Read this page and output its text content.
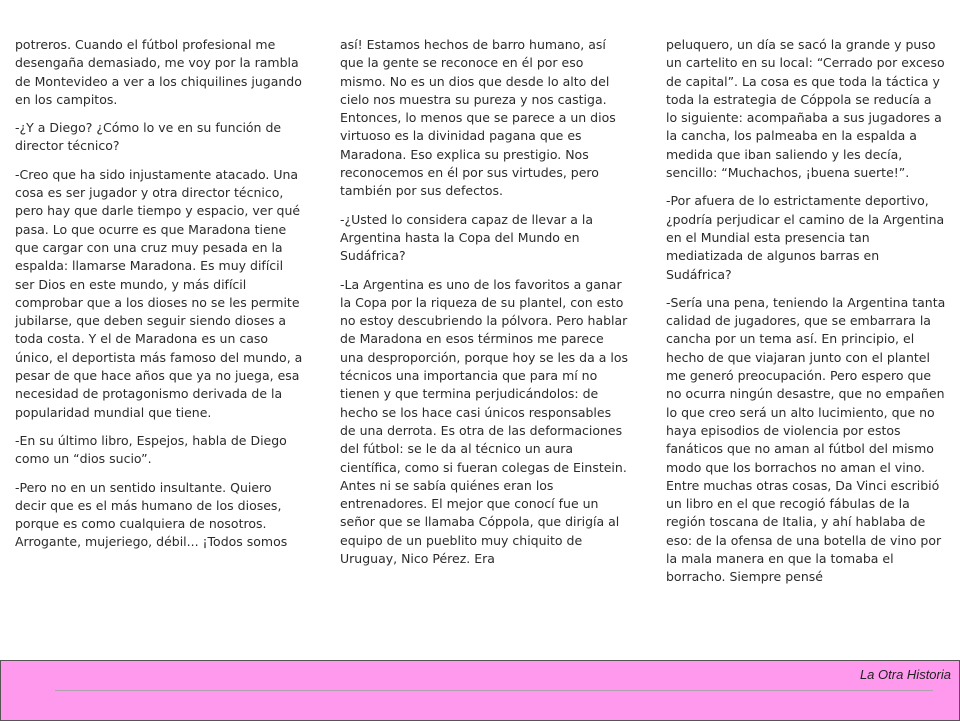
potreros. Cuando el fútbol profesional me desengaña demasiado, me voy por la rambla de Montevideo a ver a los chiquilines jugando en los campitos.

-¿Y a Diego? ¿Cómo lo ve en su función de director técnico?

-Creo que ha sido injustamente atacado. Una cosa es ser jugador y otra director técnico, pero hay que darle tiempo y espacio, ver qué pasa. Lo que ocurre es que Maradona tiene que cargar con una cruz muy pesada en la espalda: llamarse Maradona. Es muy difícil ser Dios en este mundo, y más difícil comprobar que a los dioses no se les permite jubilarse, que deben seguir siendo dioses a toda costa. Y el de Maradona es un caso único, el deportista más famoso del mundo, a pesar de que hace años que ya no juega, esa necesidad de protagonismo derivada de la popularidad mundial que tiene.

-En su último libro, Espejos, habla de Diego como un “dios sucio”.

-Pero no en un sentido insultante. Quiero decir que es el más humano de los dioses, porque es como cualquiera de nosotros. Arrogante, mujeriego, débil... ¡Todos somos

así! Estamos hechos de barro humano, así que la gente se reconoce en él por eso mismo. No es un dios que desde lo alto del cielo nos muestra su pureza y nos castiga. Entonces, lo menos que se parece a un dios virtuoso es la divinidad pagana que es Maradona. Eso explica su prestigio. Nos reconocemos en él por sus virtudes, pero también por sus defectos.

-¿Usted lo considera capaz de llevar a la Argentina hasta la Copa del Mundo en Sudáfrica?

-La Argentina es uno de los favoritos a ganar la Copa por la riqueza de su plantel, con esto no estoy descubriendo la pólvora. Pero hablar de Maradona en esos términos me parece una desproporción, porque hoy se les da a los técnicos una importancia que para mí no tienen y que termina perjudicándolos: de hecho se los hace casi únicos responsables de una derrota. Es otra de las deformaciones del fútbol: se le da al técnico un aura científica, como si fueran colegas de Einstein. Antes ni se sabía quiénes eran los entrenadores. El mejor que conocí fue un señor que se llamaba Cóppola, que dirigía al equipo de un pueblito muy chiquito de Uruguay, Nico Pérez. Era

peluquero, un día se sacó la grande y puso un cartelito en su local: “Cerrado por exceso de capital”. La cosa es que toda la táctica y toda la estrategia de Cóppola se reducía a lo siguiente: acompañaba a sus jugadores a la cancha, los palmeaba en la espalda a medida que iban saliendo y les decía, sencillo: “Muchachos, ¡buena suerte!”.

-Por afuera de lo estrictamente deportivo, ¿podría perjudicar el camino de la Argentina en el Mundial esta presencia tan mediatizada de algunos barras en Sudáfrica?

-Sería una pena, teniendo la Argentina tanta calidad de jugadores, que se embarrara la cancha por un tema así. En principio, el hecho de que viajaran junto con el plantel me generó preocupación. Pero espero que no ocurra ningún desastre, que no empañen lo que creo será un alto lucimiento, que no haya episodios de violencia por estos fanáticos que no aman al fútbol del mismo modo que los borrachos no aman el vino. Entre muchas otras cosas, Da Vinci escribió un libro en el que recogió fábulas de la región toscana de Italia, y ahí hablaba de eso: de la ofensa de una botella de vino por la mala manera en que la tomaba el borracho. Siempre pensé

La Otra Historia
